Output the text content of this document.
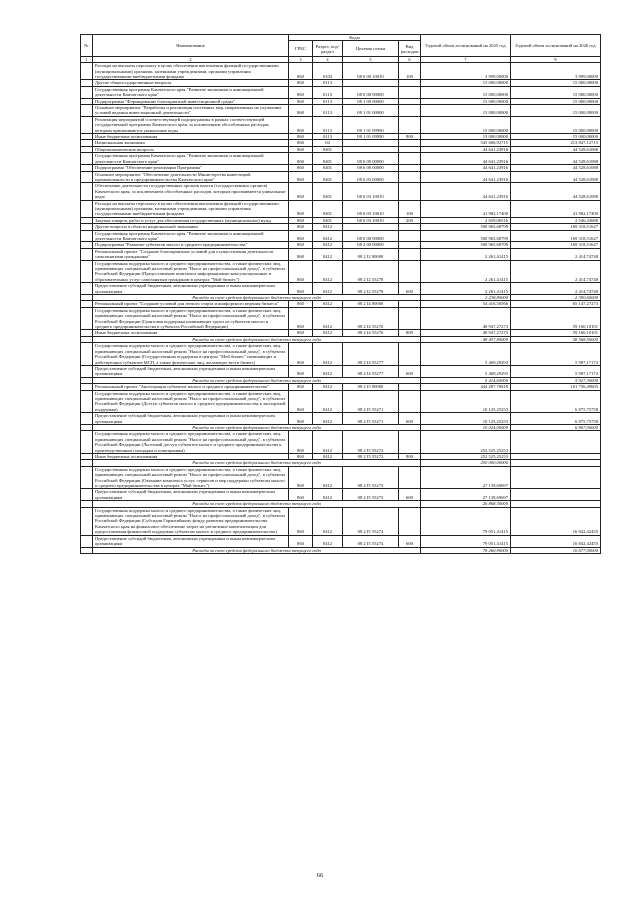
№	Наименование	Коды				Годовой объем ассигнований на 2025 год	Годовой объем ассигнований на 2026 год
		ГРБС	Раздел, под-раздел	Целевая статья	Вид расходов		
1	2	3	4	5	6	7	8
	Расходы на выплаты персоналу в целях обеспечения выполнения функций государственными (муниципальными) органами, казенными учреждениями, органами управления государственными внебюджетными фондами	860	0104	08 6 00 10010	100	3 999,00000	3 999,00000
	Другие общегосударственные вопросы	860	0113			15 000,00000	15 000,00000
	Государственная программа Камчатского края "Развитие экономики и инновационной деятельности Камчатского края"	860	0113	08 0 00 00000		15 000,00000	15 000,00000
	Подпрограмма "Формирование благоприятной инвестиционной среды"	860	0113	08 1 00 00000		15 000,00000	15 000,00000
	Основное мероприятие "Разработка и реализация системных мер, направленных на улучшение условий ведения инвестиционной деятельности"	860	0113	08 1 01 00000		15 000,00000	15 000,00000
	Реализация мероприятий соответствующей подпрограммы в рамках соответствующей государственной программы Камчатского края, за исключением обособленных расходов, которым присваиваются уникальные коды	860	0113	08 1 01 09990		15 000,00000	15 000,00000
	Иные бюджетные ассигнования	860	0113	08 1 01 09990	800	15 000,00000	15 000,00000
	Национальная экономика	860	04			545 606,92715	213 847,12715
	Общеэкономические вопросы	860	0401			44 641,23916	44 528,61088
	Государственная программа Камчатского края "Развитие экономики и инновационной деятельности Камчатского края"	860	0401	08 0 00 00000		44 641,23916	44 528,61088
	Подпрограмма "Обеспечение реализации Программы"	860	0401	08 6 00 00000		44 641,23916	44 528,61088
	Основное мероприятие "Обеспечение деятельности Министерства инвестиций, промышленности и предпринимательства Камчатского края"	860	0401	08 6 03 00000		44 641,23916	44 528,61088
	Обеспечение деятельности государственных органов власти (государственных органов) Камчатского края, за исключением обособленных расходов, которым присваиваются уникальные коды	860	0401	08 6 03 10010		44 641,23916	44 528,61088
	Расходы на выплаты персоналу в целях обеспечения выполнения функций государственными (муниципальными) органами, казенными учреждениями, органами управления государственными внебюджетными фондами	860	0401	08 6 03 10010	100	41 982,17400	41 982,17400
	Закупка товаров, работ и услуг для обеспечения государственных (муниципальных) нужд	860	0401	08 6 03 10010	200	2 659,06516	2 546,43688
	Другие вопросы в области национальной экономики	860	0412			500 965,68799	169 318,51627
	Государственная программа Камчатского края "Развитие экономики и инновационной деятельности Камчатского края"	860	0412	08 0 00 00000		500 965,68799	169 318,51627
	Подпрограмма "Развитие субъектов малого и среднего предпринимательства"	860	0412	08 2 00 00000		500 965,68799	169 318,51627
	Региональный проект "Создание благоприятных условий для осуществления деятельности самозанятыми гражданами"	860	0412	08 2 I2 00000		2 261,41415	2 414,74748
	Государственная поддержка малого и среднего предпринимательства, а также физических лиц, применяющих специальный налоговый режим "Налог на профессиональный доход", в субъектах Российской Федерации (Предоставление комплекса информационно-консультационных и образовательных услуг самозанятым гражданам в центрах "Мой бизнес")	860	0412	08 2 I2 55278		2 261,41415	2 414,74748
	Предоставление субсидий бюджетным, автономным учреждениям и иным некоммерческим организациям	860	0412	08 2 I2 55278	600	2 261,41415	2 414,74748
	Расходы за счет средств федерального бюджета текущего года					2 238,80000	2 390,60000
	Региональный проект "Создание условий для легкого старта и комфортного ведения бизнеса"	860	0412	08 2 I4 00000		54 416,50566	65 147,27273
	Государственная поддержка малого и среднего предпринимательства, а также физических лиц, применяющих специальный налоговый режим "Налог на профессиональный доход", в субъектах Российской Федерации (Грантовая поддержка начинающих групп из субъектов малого и среднего предпринимательства в субъектах Российской Федерации)	860	0412	08 2 I4 55276		48 947,27273	59 160,10101
	Иные бюджетные ассигнования	860	0412	08 2 I4 55276	800	48 947,27273	59 160,10101
	Расходы за счет средств федерального бюджета текущего года					48 457,80000	58 568,50000
	Государственная поддержка малого и среднего предпринимательства, а также физических лиц, применяющих специальный налоговый режим "Налог на профессиональный доход", в субъектах Российской Федерации (Государственная поддержка в центрах "Мой бизнес" начинающих и действующих субъектов МСП, а также физических лиц, желающих вести бизнес)	860	0412	08 2 I4 55277		5 469,29293	5 987,17172
	Предоставление субсидий бюджетным, автономным учреждениям и иным некоммерческим организациям	860	0412	08 2 I4 55277	600	5 469,29293	5 987,17172
	Расходы за счет средств федерального бюджета текущего года					5 414,60000	5 927,30000
	Региональный проект "Акселерация субъектов малого и среднего предпринимательства"	860	0412	08 2 I5 00000		444 287,76818	101 756,49605
	Государственная поддержка малого и среднего предпринимательства, а также физических лиц, применяющих специальный налоговый режим "Налог на профессиональный доход", в субъектах Российской Федерации (Доступ субъектов малого и среднего предпринимательства к экспортной поддержке)	860	0412	08 2 I5 55271		10 125,25253	6 875,75758
	Предоставление субсидий бюджетным, автономным учреждениям и иным некоммерческим организациям	860	0412	08 2 I5 55271	600	10 125,25253	6 875,75758
	Расходы за счет средств федерального бюджета текущего года					10 024,00000	6 807,00000
	Государственная поддержка малого и среднего предпринимательства, а также физических лиц, применяющих специальный налоговый режим "Налог на профессиональный доход", в субъектах Российской Федерации (Льготный доступ субъектов малого и среднего предпринимательства к производственным площадям и помещениям)	860	0412	08 2 I5 55272		252 525,25253	
	Иные бюджетные ассигнования	860	0412	08 2 I5 55272	800	252 525,25253	
	Расходы за счет средств федерального бюджета текущего года					250 000,00000	
	Государственная поддержка малого и среднего предпринимательства, а также физических лиц, применяющих специальный налоговый режим "Налог на профессиональный доход", в субъектах Российской Федерации (Оказание комплекса услуг, сервисов и мер поддержки субъектам малого и среднего предпринимательства в центрах "Мой бизнес")	860	0412	08 2 I5 55273		27 139,69697	
	Предоставление субсидий бюджетным, автономным учреждениям и иным некоммерческим организациям	860	0412	08 2 I5 55273	600	27 139,69697	
	Расходы за счет средств федерального бюджета текущего года					26 868,30000	
	Государственная поддержка малого и среднего предпринимательства, а также физических лиц, применяющих специальный налоговый режим "Налог на профессиональный доход", в субъектах Российской Федерации (Субсидия Гарантийному фонду развития предпринимательства Камчатского края на финансовое обеспечение затрат на увеличение капитализации для предоставления финансовой поддержки субъектам малого и среднего предпринимательства)	860	0412	08 2 I5 55274		79 051,41415	16 842,42455
	Предоставление субсидий бюджетным, автономным учреждениям и иным некоммерческим организациям	860	0412	08 2 I5 55274	600	79 051,41415	16 842,42455
	Расходы за счет средств федерального бюджета текущего года					78 260,90000	16 677,00000
66
